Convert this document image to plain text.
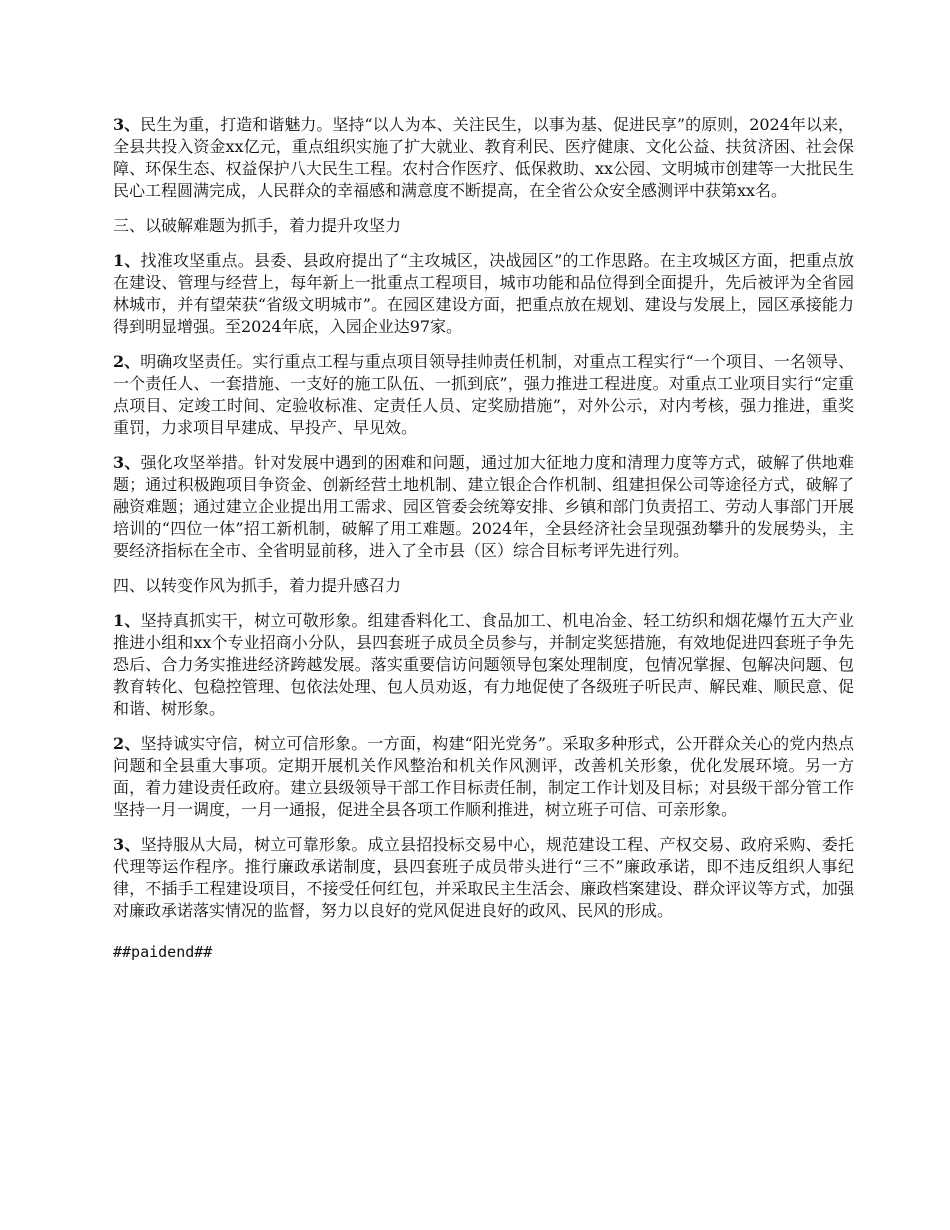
3、民生为重，打造和谐魅力。坚持“以人为本、关注民生，以事为基、促进民享”的原则，2024年以来，全县共投入资金xx亿元，重点组织实施了扩大就业、教育利民、医疗健康、文化公益、扶贫济困、社会保障、环保生态、权益保护八大民生工程。农村合作医疗、低保救助、xx公园、文明城市创建等一大批民生民心工程圆满完成，人民群众的幸福感和满意度不断提高，在全省公众安全感测评中获第xx名。

三、以破解难题为抓手，着力提升攻坚力

1、找准攻坚重点。县委、县政府提出了“主攻城区，决战园区”的工作思路。在主攻城区方面，把重点放在建设、管理与经营上，每年新上一批重点工程项目，城市功能和品位得到全面提升，先后被评为全省园林城市，并有望荣获“省级文明城市”。在园区建设方面，把重点放在规划、建设与发展上，园区承接能力得到明显增强。至2024年底，入园企业达97家。

2、明确攻坚责任。实行重点工程与重点项目领导挂帅责任机制，对重点工程实行“一个项目、一名领导、一个责任人、一套措施、一支好的施工队伍、一抓到底”，强力推进工程进度。对重点工业项目实行“定重点项目、定竣工时间、定验收标准、定责任人员、定奖励措施”，对外公示，对内考核，强力推进，重奖重罚，力求项目早建成、早投产、早见效。

3、强化攻坚举措。针对发展中遇到的困难和问题，通过加大征地力度和清理力度等方式，破解了供地难题；通过积极跑项目争资金、创新经营土地机制、建立银企合作机制、组建担保公司等途径方式，破解了融资难题；通过建立企业提出用工需求、园区管委会统筹安排、乡镇和部门负责招工、劳动人事部门开展培训的“四位一体”招工新机制，破解了用工难题。2024年，全县经济社会呈现强劲攀升的发展势头，主要经济指标在全市、全省明显前移，进入了全市县（区）综合目标考评先进行列。

四、以转变作风为抓手，着力提升感召力

1、坚持真抓实干，树立可敬形象。组建香料化工、食品加工、机电冶金、轻工纺织和烟花爆竹五大产业推进小组和xx个专业招商小分队，县四套班子成员全员参与，并制定奖惩措施，有效地促进四套班子争先恐后、合力务实推进经济跨越发展。落实重要信访问题领导包案处理制度，包情况掌握、包解决问题、包教育转化、包稳控管理、包依法处理、包人员劝返，有力地促使了各级班子听民声、解民难、顺民意、促和谐、树形象。

2、坚持诚实守信，树立可信形象。一方面，构建“阳光党务”。采取多种形式，公开群众关心的党内热点问题和全县重大事项。定期开展机关作风整治和机关作风测评，改善机关形象，优化发展环境。另一方面，着力建设责任政府。建立县级领导干部工作目标责任制，制定工作计划及目标；对县级干部分管工作坚持一月一调度，一月一通报，促进全县各项工作顺利推进，树立班子可信、可亲形象。

3、坚持服从大局，树立可靠形象。成立县招投标交易中心，规范建设工程、产权交易、政府采购、委托代理等运作程序。推行廉政承诺制度，县四套班子成员带头进行“三不”廉政承诺，即不违反组织人事纪律，不插手工程建设项目，不接受任何红包，并采取民主生活会、廉政档案建设、群众评议等方式，加强对廉政承诺落实情况的监督，努力以良好的党风促进良好的政风、民风的形成。

##paidend##
